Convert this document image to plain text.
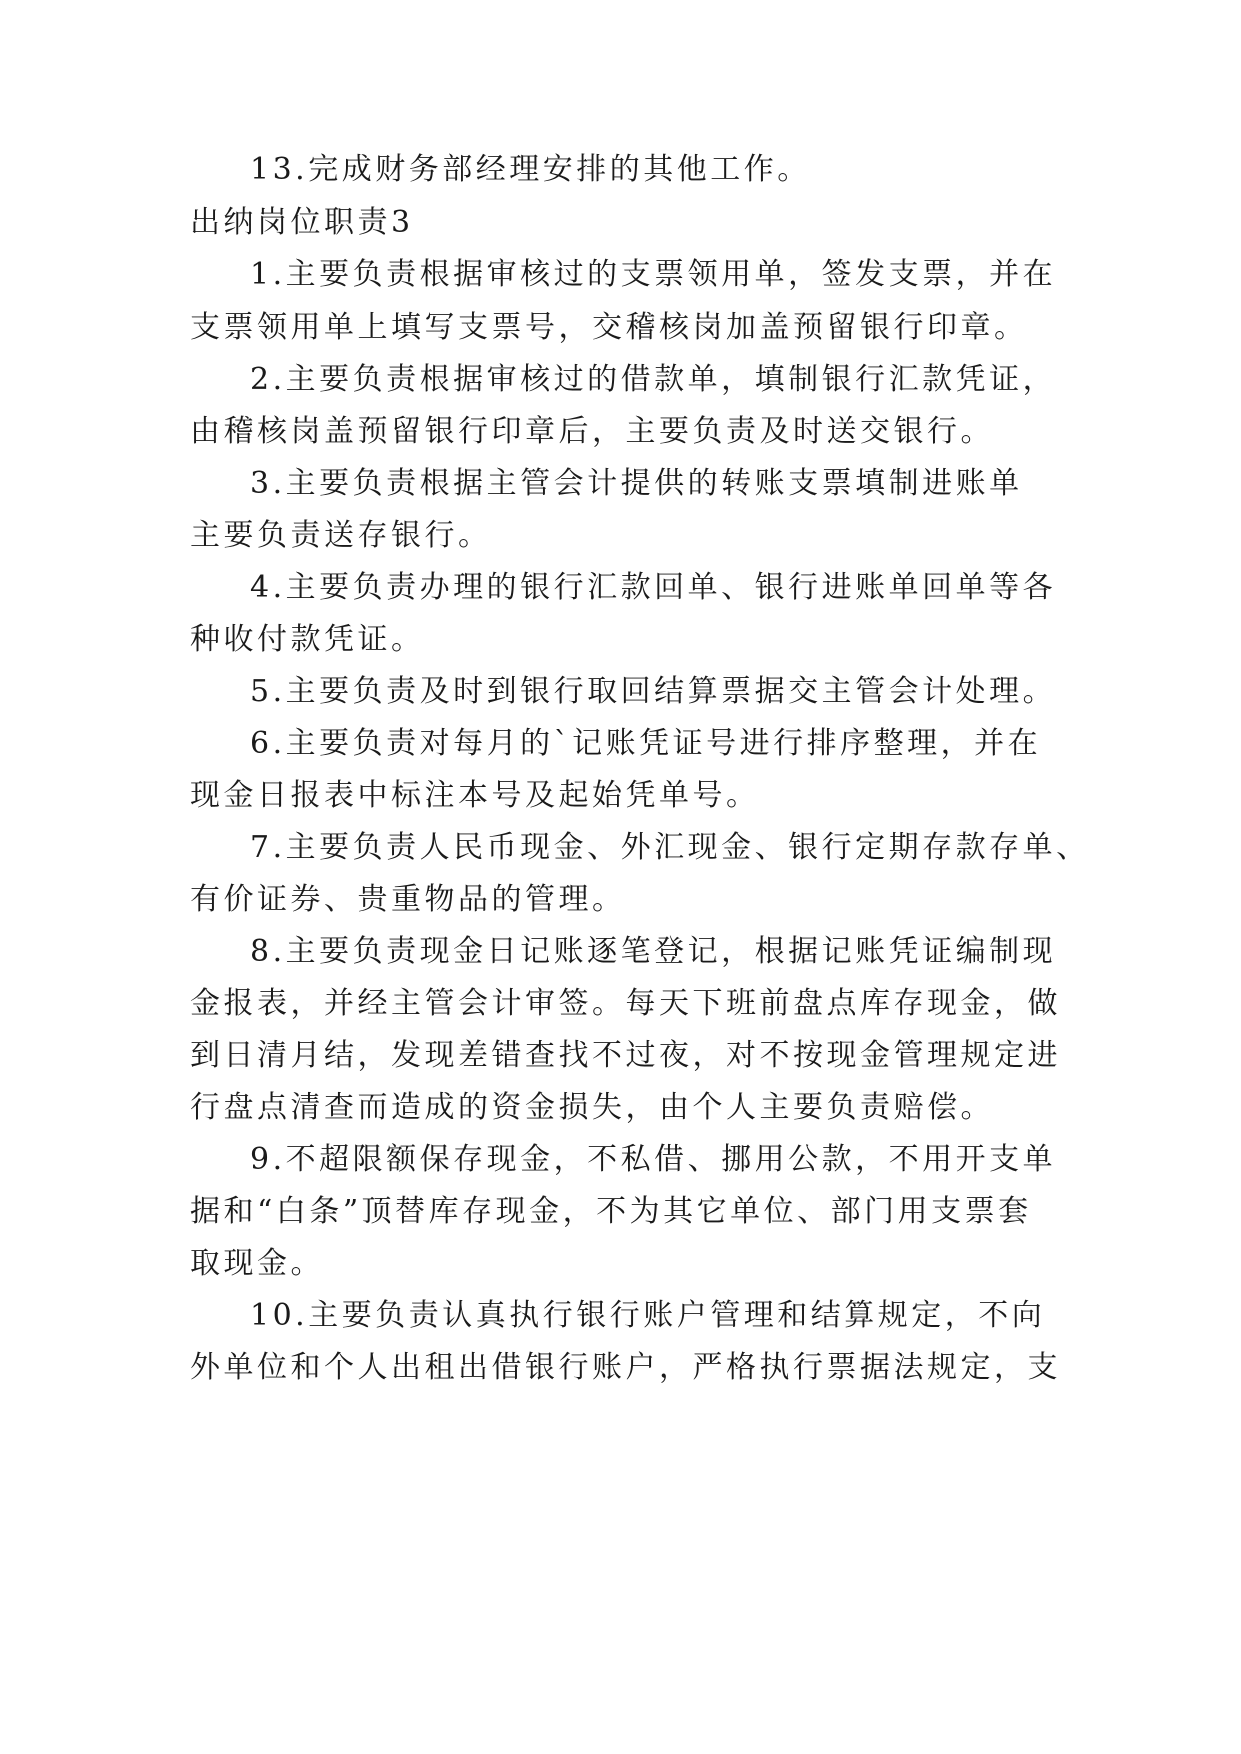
13.完成财务部经理安排的其他工作。

出纳岗位职责3

1.主要负责根据审核过的支票领用单，签发支票，并在

支票领用单上填写支票号，交稽核岗加盖预留银行印章。

2.主要负责根据审核过的借款单，填制银行汇款凭证，

由稽核岗盖预留银行印章后，主要负责及时送交银行。

3.主要负责根据主管会计提供的转账支票填制进账单

主要负责送存银行。

4.主要负责办理的银行汇款回单、银行进账单回单等各

种收付款凭证。

5.主要负责及时到银行取回结算票据交主管会计处理。

6.主要负责对每月的`记账凭证号进行排序整理，并在

现金日报表中标注本号及起始凭单号。

7.主要负责人民币现金、外汇现金、银行定期存款存单、

有价证券、贵重物品的管理。

8.主要负责现金日记账逐笔登记，根据记账凭证编制现

金报表，并经主管会计审签。每天下班前盘点库存现金，做

到日清月结，发现差错查找不过夜，对不按现金管理规定进

行盘点清查而造成的资金损失，由个人主要负责赔偿。

9.不超限额保存现金，不私借、挪用公款，不用开支单

据和“白条”顶替库存现金，不为其它单位、部门用支票套

取现金。

10.主要负责认真执行银行账户管理和结算规定，不向

外单位和个人出租出借银行账户，严格执行票据法规定，支
